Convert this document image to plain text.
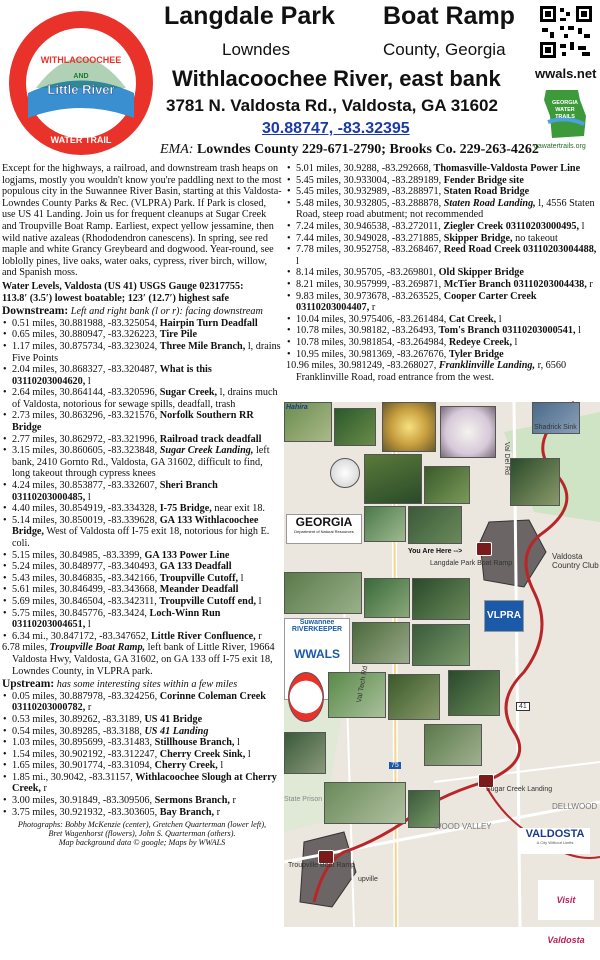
WITHLACOOCHEE
AND
Little River
WATER TRAIL
Langdale Park Boat Ramp
Lowndes	County, Georgia
Withlacoochee River, east bank
3781 N. Valdosta Rd., Valdosta, GA 31602
30.88747, -83.32395
EMA: Lowndes County 229-671-2790; Brooks Co. 229-263-4262
wwals.net
GEORGIA
WATER
TRAILS
gawatertrails.org

Except for the highways, a railroad, and downstream trash heaps on logjams, mostly you wouldn't know you're paddling next to the most populous city in the Suwannee River Basin, starting at this Valdosta-Lowndes County Parks & Rec. (VLPRA) Park. If Park is closed, use US 41 Landing. Join us for frequent cleanups at Sugar Creek and Troupville Boat Ramp. Earliest, expect yellow jessamine, then wild native azaleas (Rhododendron canescens). In spring, see red maple and white Grancy Greybeard and dogwood. Year-round, see loblolly pines, live oaks, water oaks, cypress, river birch, willow, and Spanish moss.

Water Levels, Valdosta (US 41) USGS Gauge 02317755:
113.8′ (3.5′) lowest boatable; 123′ (12.7′) highest safe

Downstream: Left and right bank (l or r): facing downstream

• 0.51 miles, 30.881988, -83.325054, Hairpin Turn Deadfall
• 0.65 miles, 30.880947, -83.326223, Tire Pile
• 1.17 miles, 30.875734, -83.323024, Three Mile Branch, l, drains Five Points
• 2.04 miles, 30.868327, -83.320487, What is this 03110203004620, l
• 2.64 miles, 30.864144, -83.320596, Sugar Creek, l, drains much of Valdosta, notorious for sewage spills, deadfall, trash
• 2.73 miles, 30.863296, -83.321576, Norfolk Southern RR Bridge
• 2.77 miles, 30.862972, -83.321996, Railroad track deadfall
• 3.15 miles, 30.860605, -83.323848, Sugar Creek Landing, left bank, 2410 Gornto Rd., Valdosta, GA 31602, difficult to find, long takeout through cypress knees
• 4.24 miles, 30.853877, -83.332607, Sheri Branch 03110203000485, l
• 4.40 miles, 30.854919, -83.334328, I-75 Bridge, near exit 18.
• 5.14 miles, 30.850019, -83.339628, GA 133 Withlacoochee Bridge, West of Valdosta off I-75 exit 18, notorious for high E. coli.
• 5.15 miles, 30.84985, -83.3399, GA 133 Power Line
• 5.24 miles, 30.848977, -83.340493, GA 133 Deadfall
• 5.43 miles, 30.846835, -83.342166, Troupville Cutoff, l
• 5.61 miles, 30.846499, -83.343668, Meander Deadfall
• 5.69 miles, 30.846504, -83.342311, Troupville Cutoff end, l
• 5.75 miles, 30.845776, -83.3424, Loch-Winn Run 03110203004651, l
• 6.34 mi., 30.847172, -83.347652, Little River Confluence, r

6.78 miles, Troupville Boat Ramp, left bank of Little River, 19664 Valdosta Hwy, Valdosta, GA 31602, on GA 133 off I-75 exit 18, Lowndes County, in VLPRA park.

Upstream: has some interesting sites within a few miles

• 0.05 miles, 30.887978, -83.324256, Corinne Coleman Creek 03110203000782, r
• 0.53 miles, 30.89262, -83.3189, US 41 Bridge
• 0.54 miles, 30.89285, -83.3188, US 41 Landing
• 1.03 miles, 30.895699, -83.31483, Stillhouse Branch, l
• 1.54 miles, 30.902192, -83.312247, Cherry Creek Sink, l
• 1.65 miles, 30.901774, -83.31094, Cherry Creek, l
• 1.85 mi., 30.9042, -83.31157, Withlacoochee Slough at Cherry Creek, r
• 3.00 miles, 30.91849, -83.309506, Sermons Branch, r
• 3.75 miles, 30.921932, -83.303605, Bay Branch, r
Photographs: Bobby McKenzie (center), Gretchen Quarterman (lower left),
Bret Wagenhorst (flowers), John S. Quarterman (others).
Map background data © google; Maps by WWALS
• 5.01 miles, 30.9288, -83.292668, Thomasville-Valdosta Power Line
• 5.45 miles, 30.933004, -83.289189, Fender Bridge site
• 5.45 miles, 30.932989, -83.288971, Staten Road Bridge
• 5.48 miles, 30.932805, -83.288878, Staten Road Landing, l, 4556 Staten Road, steep road abutment; not recommended
• 7.24 miles, 30.946538, -83.272011, Ziegler Creek 03110203000495, l
• 7.44 miles, 30.949028, -83.271885, Skipper Bridge, no takeout
• 7.78 miles, 30.952758, -83.268467, Reed Road Creek 03110203004488, l
• 8.14 miles, 30.95705, -83.269801, Old Skipper Bridge
• 8.21 miles, 30.957999, -83.269871, McTier Branch 03110203004438, r
• 9.83 miles, 30.973678, -83.263525, Cooper Carter Creek 03110203004407, r
• 10.04 miles, 30.975406, -83.261484, Cat Creek, l
• 10.78 miles, 30.98182, -83.26493, Tom's Branch 03110203000541, l
• 10.78 miles, 30.981854, -83.264984, Redeye Creek, l
• 10.95 miles, 30.981369, -83.267676, Tyler Bridge

10.96 miles, 30.981249, -83.268027, Franklinville Landing, r, 6560 Franklinville Road, road entrance from the west.

Hahira
Shadrick Sink
GEORGIA
Department of Natural Resources
You Are Here -->
Langdale Park Boat Ramp
Valdosta Country Club
VLPRA
Suwannee
RIVERKEEPER
WWALS
Val Tech Rd
Val Del Rd
75
41
Sugar Creek Landing
State Prison
DELLWOOD
WOOD VALLEY
VALDOSTA
A City Without Limits
Troupville Boat Ramp
upville
Visit Valdosta
